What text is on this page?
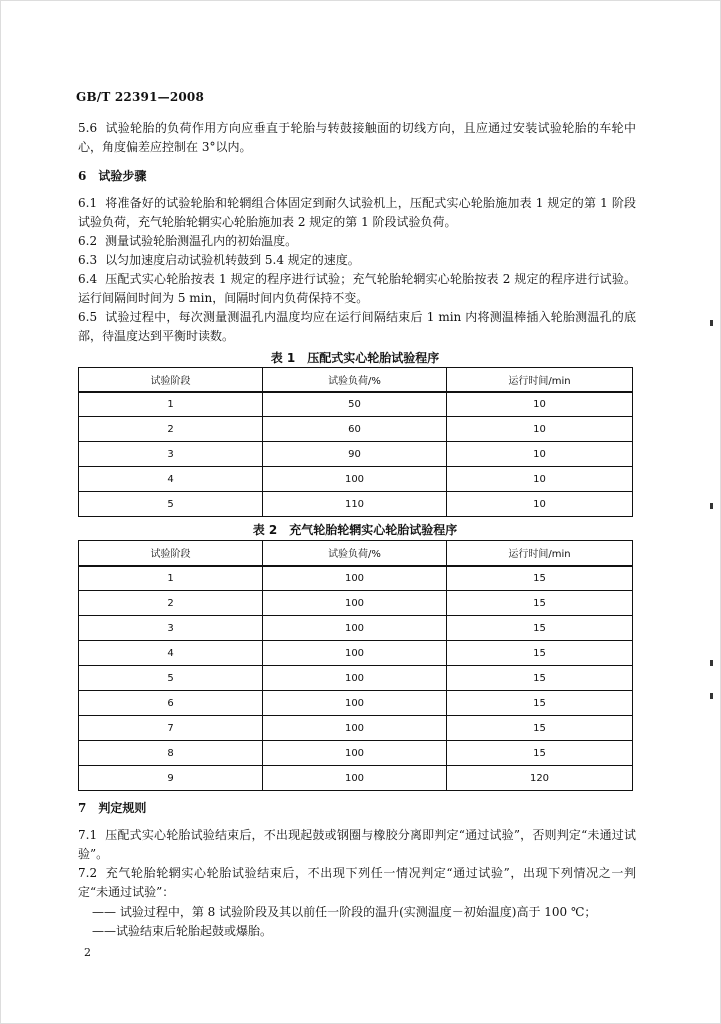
GB/T 22391—2008
5.6 试验轮胎的负荷作用方向应垂直于轮胎与转鼓接触面的切线方向，且应通过安装试验轮胎的车轮中心，角度偏差应控制在 3°以内。
6　试验步骤
6.1 将准备好的试验轮胎和轮辋组合体固定到耐久试验机上，压配式实心轮胎施加表 1 规定的第 1 阶段试验负荷，充气轮胎轮辋实心轮胎施加表 2 规定的第 1 阶段试验负荷。
6.2 测量试验轮胎测温孔内的初始温度。
6.3 以匀加速度启动试验机转鼓到 5.4 规定的速度。
6.4 压配式实心轮胎按表 1 规定的程序进行试验；充气轮胎轮辋实心轮胎按表 2 规定的程序进行试验。运行间隔间时间为 5 min，间隔时间内负荷保持不变。
6.5 试验过程中，每次测量测温孔内温度均应在运行间隔结束后 1 min 内将测温棒插入轮胎测温孔的底部，待温度达到平衡时读数。
表 1　压配式实心轮胎试验程序
试验阶段	试验负荷/%	运行时间/min
1	50	10
2	60	10
3	90	10
4	100	10
5	110	10
表 2　充气轮胎轮辋实心轮胎试验程序
试验阶段	试验负荷/%	运行时间/min
1	100	15
2	100	15
3	100	15
4	100	15
5	100	15
6	100	15
7	100	15
8	100	15
9	100	120
7　判定规则
7.1 压配式实心轮胎试验结束后，不出现起鼓或钢圈与橡胶分离即判定“通过试验”，否则判定“未通过试验”。
7.2 充气轮胎轮辋实心轮胎试验结束后，不出现下列任一情况判定“通过试验”，出现下列情况之一判定“未通过试验”：
—— 试验过程中，第 8 试验阶段及其以前任一阶段的温升(实测温度－初始温度)高于 100 ℃；
——试验结束后轮胎起鼓或爆胎。
2
